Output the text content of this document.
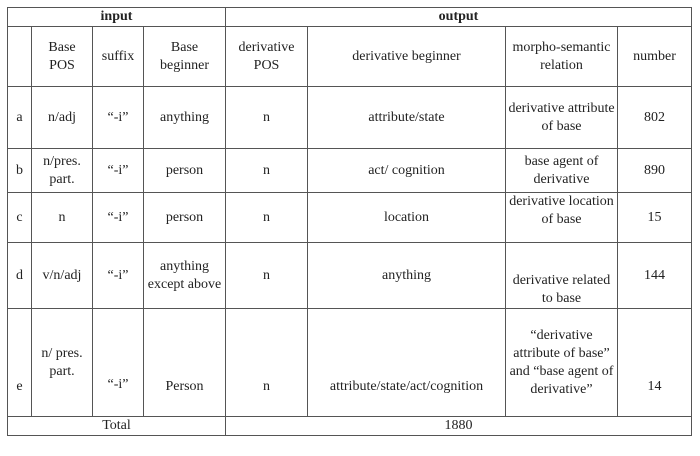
input				output			
	Base POS	suffix	Base beginner	derivative POS	derivative beginner	morpho-semantic relation	number
a	n/adj	“-i”	anything	n	attribute/state	derivative attribute of base	802
b	n/pres. part.	“-i”	person	n	act/ cognition	base agent of derivative	890
c	n	“-i”	person	n	location	derivative location of base	15
d	v/n/adj	“-i”	anything except above	n	anything	derivative related to base	144
e	n/ pres. part.	“-i”	Person	n	attribute/state/act/cognition	“derivative attribute of base” and “base agent of derivative”	14
Total				1880			
